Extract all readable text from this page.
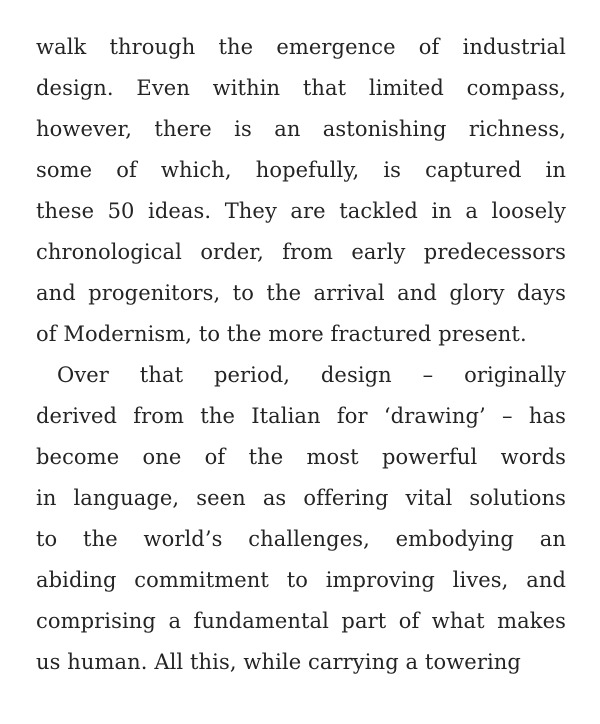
walk through the emergence of industrial
design. Even within that limited compass,
however, there is an astonishing richness,
some of which, hopefully, is captured in
these 50 ideas. They are tackled in a loosely
chronological order, from early predecessors
and progenitors, to the arrival and glory days
of Modernism, to the more fractured present.
Over that period, design – originally
derived from the Italian for ‘drawing’ – has
become one of the most powerful words
in language, seen as offering vital solutions
to the world’s challenges, embodying an
abiding commitment to improving lives, and
comprising a fundamental part of what makes
us human. All this, while carrying a towering
